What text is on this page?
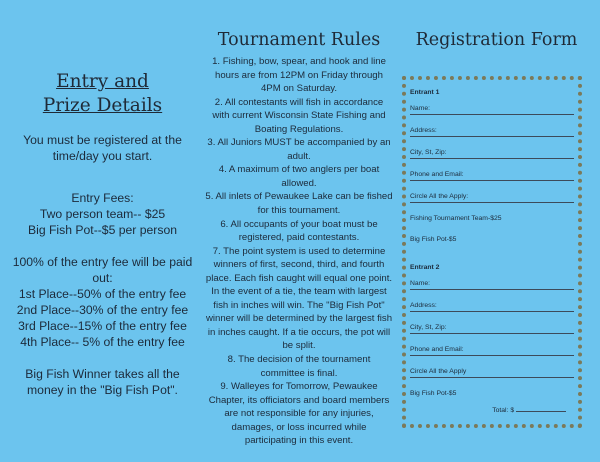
Entry and
Prize Details

You must be registered at the time/day you start.

Entry Fees:

Two person team-- $25

Big Fish Pot--$5 per person

100% of the entry fee will be paid out:

1st Place--50% of the entry fee

2nd Place--30% of the entry fee

3rd Place--15% of the entry fee

4th Place-- 5% of the entry fee

Big Fish Winner takes all the money in the "Big Fish Pot".

Tournament Rules

1. Fishing, bow, spear, and hook and line hours are from 12PM on Friday through 4PM on Saturday.

2. All contestants will fish in accordance with current Wisconsin State Fishing and Boating Regulations.

3. All Juniors MUST be accompanied by an adult.

4. A maximum of two anglers per boat allowed.

5. All inlets of Pewaukee Lake can be fished for this tournament.

6. All occupants of your boat must be registered, paid contestants.

7. The point system is used to determine winners of first, second, third, and fourth place. Each fish caught will equal one point. In the event of a tie, the team with largest fish in inches will win. The "Big Fish Pot" winner will be determined by the largest fish in inches caught. If a tie occurs, the pot will be split.

8. The decision of the tournament committee is final.

9. Walleyes for Tomorrow, Pewaukee Chapter, its officiators and board members are not responsible for any injuries, damages, or loss incurred while participating in this event.

Registration Form
Entrant 1
Name:
Address:
City, St, Zip:
Phone and Email:
Circle All the Apply:
Fishing Tournament Team-$25
Big Fish Pot-$5
Entrant 2
Name:
Address:
City, St, Zip:
Phone and Email:
Circle All the Apply
Big Fish Pot-$5
Total: $
